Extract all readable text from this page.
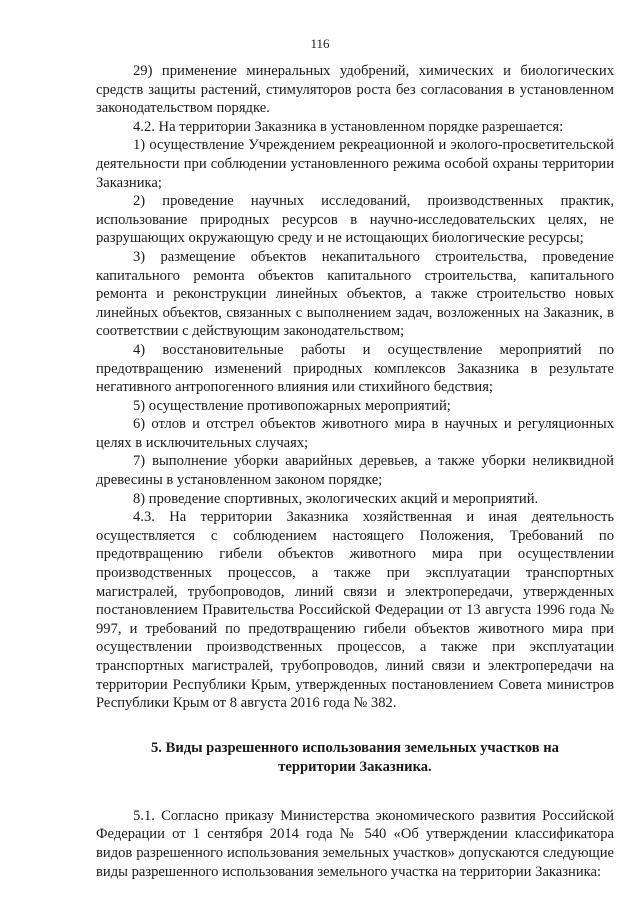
116

29) применение минеральных удобрений, химических и биологических средств защиты растений, стимуляторов роста без согласования в установленном законодательством порядке.

4.2. На территории Заказника в установленном порядке разрешается:

1) осуществление Учреждением рекреационной и эколого-просветительской деятельности при соблюдении установленного режима особой охраны территории Заказника;

2) проведение научных исследований, производственных практик, использование природных ресурсов в научно-исследовательских целях, не разрушающих окружающую среду и не истощающих биологические ресурсы;

3) размещение объектов некапитального строительства, проведение капитального ремонта объектов капитального строительства, капитального ремонта и реконструкции линейных объектов, а также строительство новых линейных объектов, связанных с выполнением задач, возложенных на Заказник, в соответствии с действующим законодательством;

4) восстановительные работы и осуществление мероприятий по предотвращению изменений природных комплексов Заказника в результате негативного антропогенного влияния или стихийного бедствия;

5) осуществление противопожарных мероприятий;

6) отлов и отстрел объектов животного мира в научных и регуляционных целях в исключительных случаях;

7) выполнение уборки аварийных деревьев, а также уборки неликвидной древесины в установленном законом порядке;

8) проведение спортивных, экологических акций и мероприятий.

4.3. На территории Заказника хозяйственная и иная деятельность осуществляется с соблюдением настоящего Положения, Требований по предотвращению гибели объектов животного мира при осуществлении производственных процессов, а также при эксплуатации транспортных магистралей, трубопроводов, линий связи и электропередачи, утвержденных постановлением Правительства Российской Федерации от 13 августа 1996 года № 997, и требований по предотвращению гибели объектов животного мира при осуществлении производственных процессов, а также при эксплуатации транспортных магистралей, трубопроводов, линий связи и электропередачи на территории Республики Крым, утвержденных постановлением Совета министров Республики Крым от 8 августа 2016 года № 382.

5. Виды разрешенного использования земельных участков на территории Заказника.

5.1. Согласно приказу Министерства экономического развития Российской Федерации от 1 сентября 2014 года № 540 «Об утверждении классификатора видов разрешенного использования земельных участков» допускаются следующие виды разрешенного использования земельного участка на территории Заказника:
